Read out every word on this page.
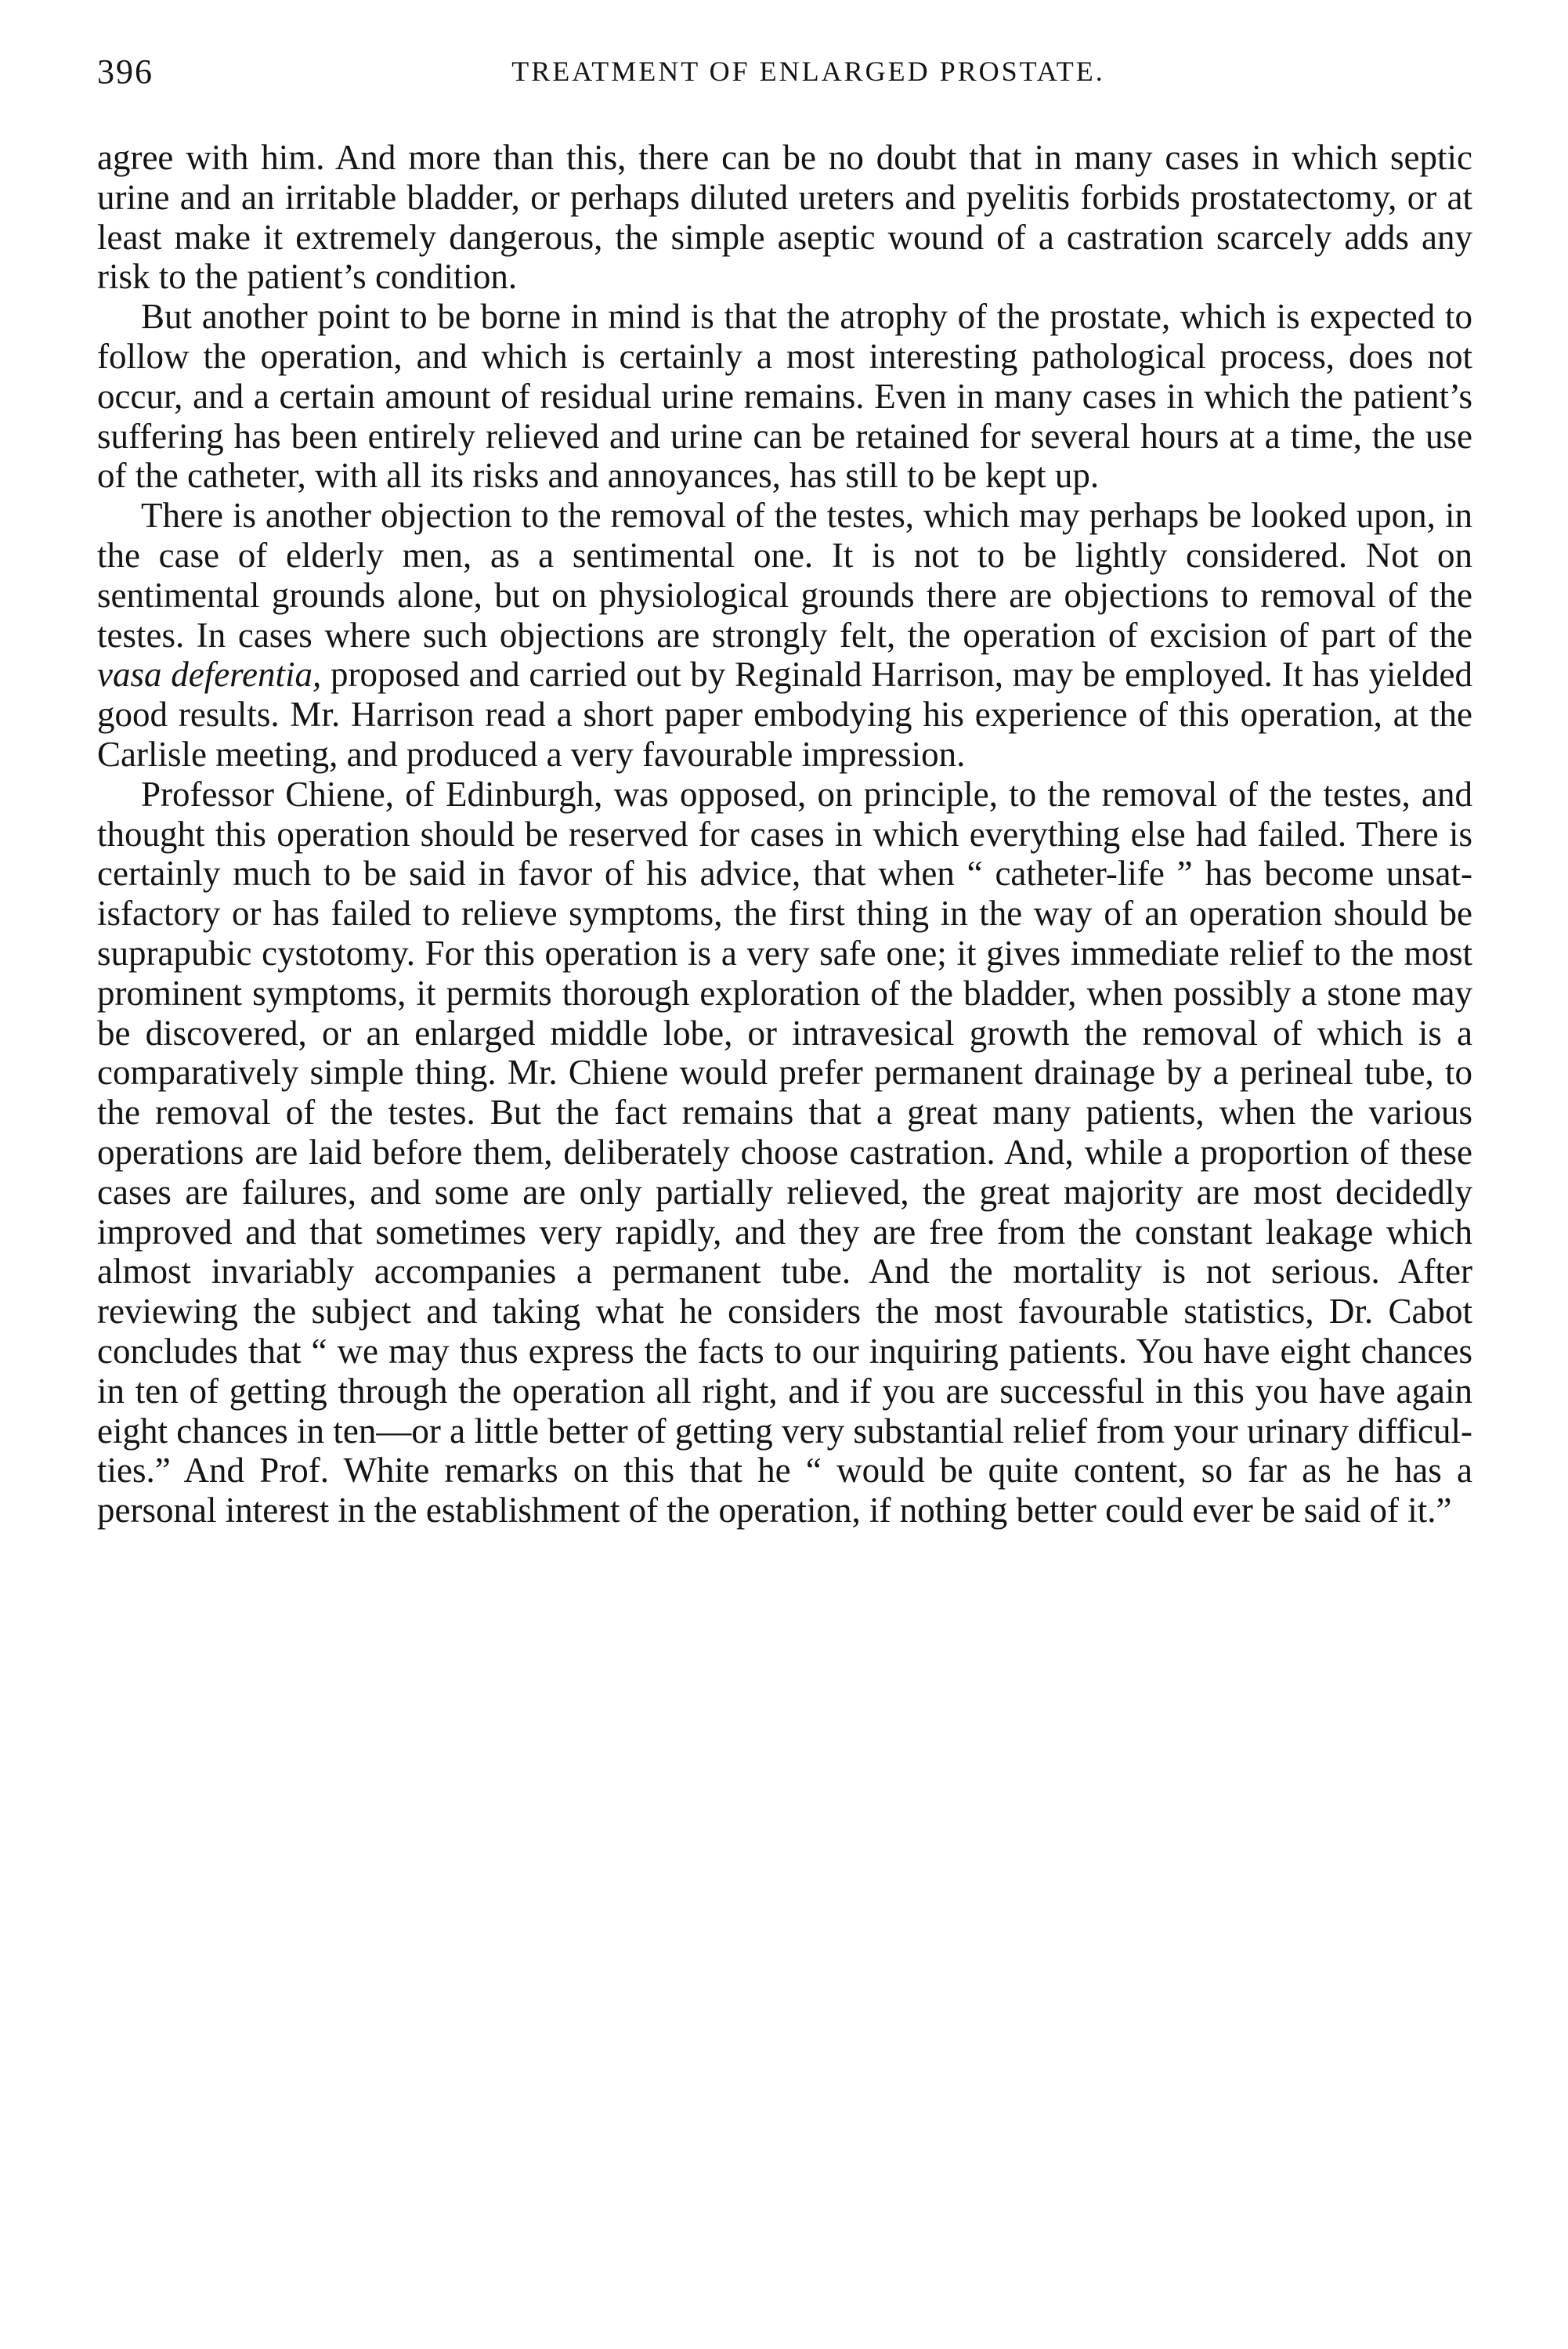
396	TREATMENT OF ENLARGED PROSTATE.

agree with him. And more than this, there can be no doubt that in many cases in which septic urine and an irritable bladder, or perhaps diluted ureters and pyelitis forbids prostatectomy, or at least make it extremely dangerous, the simple aseptic wound of a castration scarcely adds any risk to the patient’s condition.

But another point to be borne in mind is that the atrophy of the prostate, which is expected to follow the operation, and which is certainly a most interesting pathological process, does not occur, and a certain amount of residual urine remains. Even in many cases in which the patient’s suffering has been entirely relieved and urine can be retained for several hours at a time, the use of the catheter, with all its risks and annoyances, has still to be kept up.

There is another objection to the removal of the testes, which may perhaps be looked upon, in the case of elderly men, as a sentimental one. It is not to be lightly considered. Not on sentimental grounds alone, but on physiological grounds there are objections to removal of the testes. In cases where such objections are strongly felt, the operation of excision of part of the vasa deferentia, proposed and carried out by Reginald Harrison, may be employed. It has yielded good results. Mr. Harrison read a short paper embodying his experience of this operation, at the Carlisle meeting, and produced a very favourable impression.

Professor Chiene, of Edinburgh, was opposed, on principle, to the removal of the testes, and thought this operation should be reserved for cases in which everything else had failed. There is certainly much to be said in favor of his advice, that when “ catheter-life ” has become unsatisfactory or has failed to relieve symptoms, the first thing in the way of an operation should be suprapubic cystotomy. For this operation is a very safe one; it gives immediate relief to the most prominent symptoms, it permits thorough exploration of the bladder, when possibly a stone may be discovered, or an enlarged middle lobe, or intravesical growth the removal of which is a comparatively simple thing. Mr. Chiene would prefer permanent drainage by a perineal tube, to the removal of the testes. But the fact remains that a great many patients, when the various operations are laid before them, deliberately choose castration. And, while a proportion of these cases are failures, and some are only partially relieved, the great majority are most decidedly improved and that sometimes very rapidly, and they are free from the constant leakage which almost invariably accompanies a permanent tube. And the mortality is not serious. After reviewing the subject and taking what he considers the most favourable statistics, Dr. Cabot concludes that “ we may thus express the facts to our inquiring patients. You have eight chances in ten of getting through the operation all right, and if you are successful in this you have again eight chances in ten—or a little better of getting very substantial relief from your urinary difficulties.” And Prof. White remarks on this that he “ would be quite content, so far as he has a personal interest in the establishment of the operation, if nothing better could ever be said of it.”
